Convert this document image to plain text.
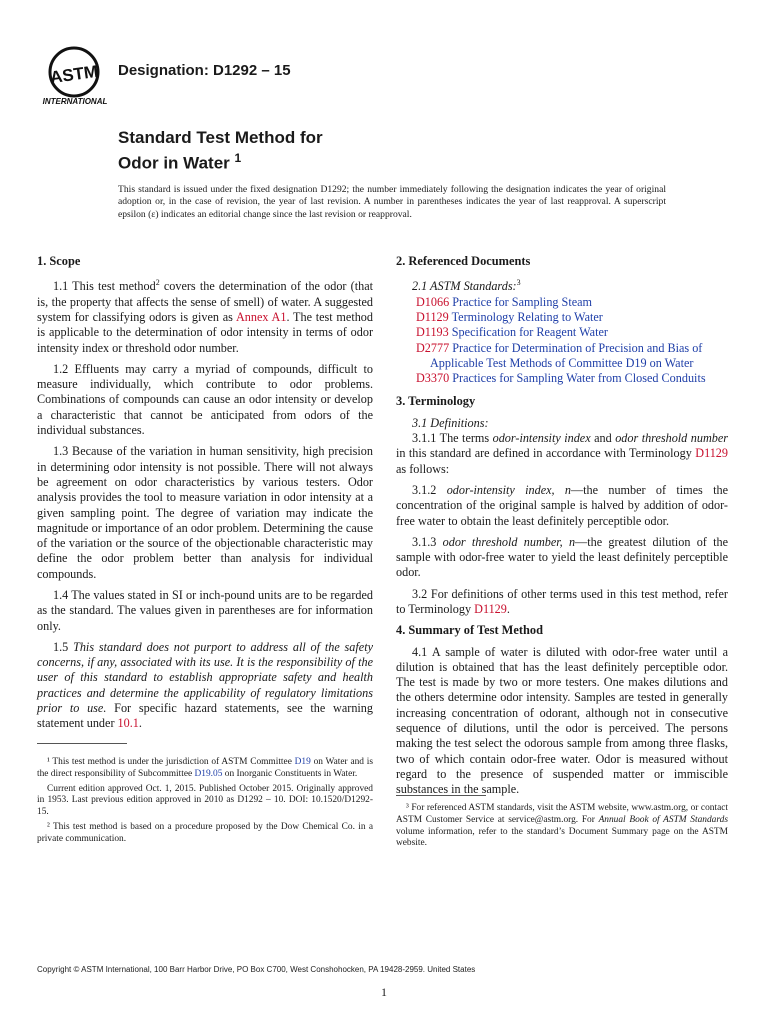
ASTM
INTERNATIONAL
Designation: D1292 – 15
Standard Test Method for
Odor in Water $^1$
This standard is issued under the fixed designation D1292; the number immediately following the designation indicates the year of original adoption or, in the case of revision, the year of last revision. A number in parentheses indicates the year of last reapproval. A superscript epsilon (ε) indicates an editorial change since the last revision or reapproval.
1. Scope

1.1 This test method$^2$ covers the determination of the odor (that is, the property that affects the sense of smell) of water. A suggested system for classifying odors is given as Annex A1. The test method is applicable to the determination of odor intensity in terms of odor intensity index or threshold odor number.

1.2 Effluents may carry a myriad of compounds, difficult to measure individually, which contribute to odor problems. Combinations of compounds can cause an odor intensity or develop a characteristic that cannot be anticipated from odors of the individual substances.

1.3 Because of the variation in human sensitivity, high precision in determining odor intensity is not possible. There will not always be agreement on odor characteristics by various testers. Odor analysis provides the tool to measure variation in odor intensity at a given sampling point. The degree of variation may indicate the magnitude or importance of an odor problem. Determining the cause of the variation or the source of the objectionable characteristic may define the odor problem better than analysis for individual compounds.

1.4 The values stated in SI or inch-pound units are to be regarded as the standard. The values given in parentheses are for information only.

1.5 This standard does not purport to address all of the safety concerns, if any, associated with its use. It is the responsibility of the user of this standard to establish appropriate safety and health practices and determine the applicability of regulatory limitations prior to use. For specific hazard statements, see the warning statement under 10.1.

¹ This test method is under the jurisdiction of ASTM Committee D19 on Water and is the direct responsibility of Subcommittee D19.05 on Inorganic Constituents in Water.

Current edition approved Oct. 1, 2015. Published October 2015. Originally approved in 1953. Last previous edition approved in 2010 as D1292 – 10. DOI: 10.1520/D1292-15.

² This test method is based on a procedure proposed by the Dow Chemical Co. in a private communication.

2. Referenced Documents

2.1 ASTM Standards:$^3$

D1066 Practice for Sampling Steam
D1129 Terminology Relating to Water
D1193 Specification for Reagent Water
D2777 Practice for Determination of Precision and Bias of Applicable Test Methods of Committee D19 on Water
D3370 Practices for Sampling Water from Closed Conduits
3. Terminology

3.1 Definitions:

3.1.1 The terms odor-intensity index and odor threshold number in this standard are defined in accordance with Terminology D1129 as follows:

3.1.2 odor-intensity index, n—the number of times the concentration of the original sample is halved by addition of odor-free water to obtain the least definitely perceptible odor.

3.1.3 odor threshold number, n—the greatest dilution of the sample with odor-free water to yield the least definitely perceptible odor.

3.2 For definitions of other terms used in this test method, refer to Terminology D1129.

4. Summary of Test Method

4.1 A sample of water is diluted with odor-free water until a dilution is obtained that has the least definitely perceptible odor. The test is made by two or more testers. One makes dilutions and the others determine odor intensity. Samples are tested in generally increasing concentration of odorant, although not in consecutive sequence of dilutions, until the odor is perceived. The persons making the test select the odorous sample from among three flasks, two of which contain odor-free water. Odor is measured without regard to the presence of suspended matter or immiscible substances in the sample.

³ For referenced ASTM standards, visit the ASTM website, www.astm.org, or contact ASTM Customer Service at service@astm.org. For Annual Book of ASTM Standards volume information, refer to the standard’s Document Summary page on the ASTM website.

Copyright © ASTM International, 100 Barr Harbor Drive, PO Box C700, West Conshohocken, PA 19428-2959. United States
1
